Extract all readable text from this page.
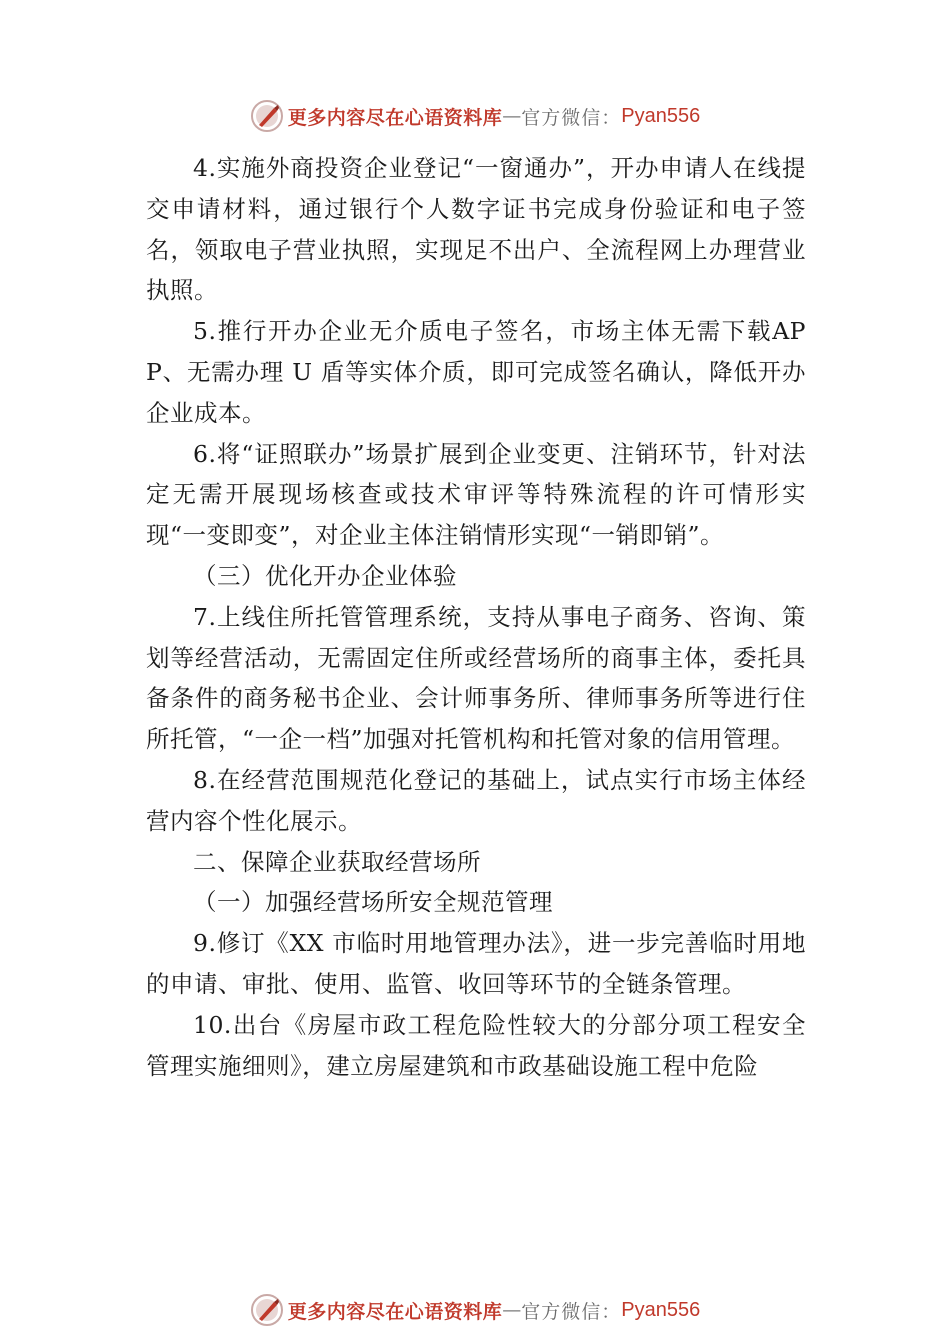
更多内容尽在心语资料库 — 官方微信： Pyan556

4.实施外商投资企业登记“一窗通办”，开办申请人在线提交申请材料，通过银行个人数字证书完成身份验证和电子签名，领取电子营业执照，实现足不出户、全流程网上办理营业执照。

5.推行开办企业无介质电子签名，市场主体无需下载APP、无需办理 U 盾等实体介质，即可完成签名确认，降低开办企业成本。

6.将“证照联办”场景扩展到企业变更、注销环节，针对法定无需开展现场核查或技术审评等特殊流程的许可情形实现“一变即变”，对企业主体注销情形实现“一销即销”。

（三）优化开办企业体验

7.上线住所托管管理系统，支持从事电子商务、咨询、策划等经营活动，无需固定住所或经营场所的商事主体，委托具备条件的商务秘书企业、会计师事务所、律师事务所等进行住所托管，“一企一档”加强对托管机构和托管对象的信用管理。

8.在经营范围规范化登记的基础上，试点实行市场主体经营内容个性化展示。

二、保障企业获取经营场所

（一）加强经营场所安全规范管理

9.修订《XX 市临时用地管理办法》，进一步完善临时用地的申请、审批、使用、监管、收回等环节的全链条管理。

10.出台《房屋市政工程危险性较大的分部分项工程安全管理实施细则》，建立房屋建筑和市政基础设施工程中危险

更多内容尽在心语资料库 — 官方微信： Pyan556
